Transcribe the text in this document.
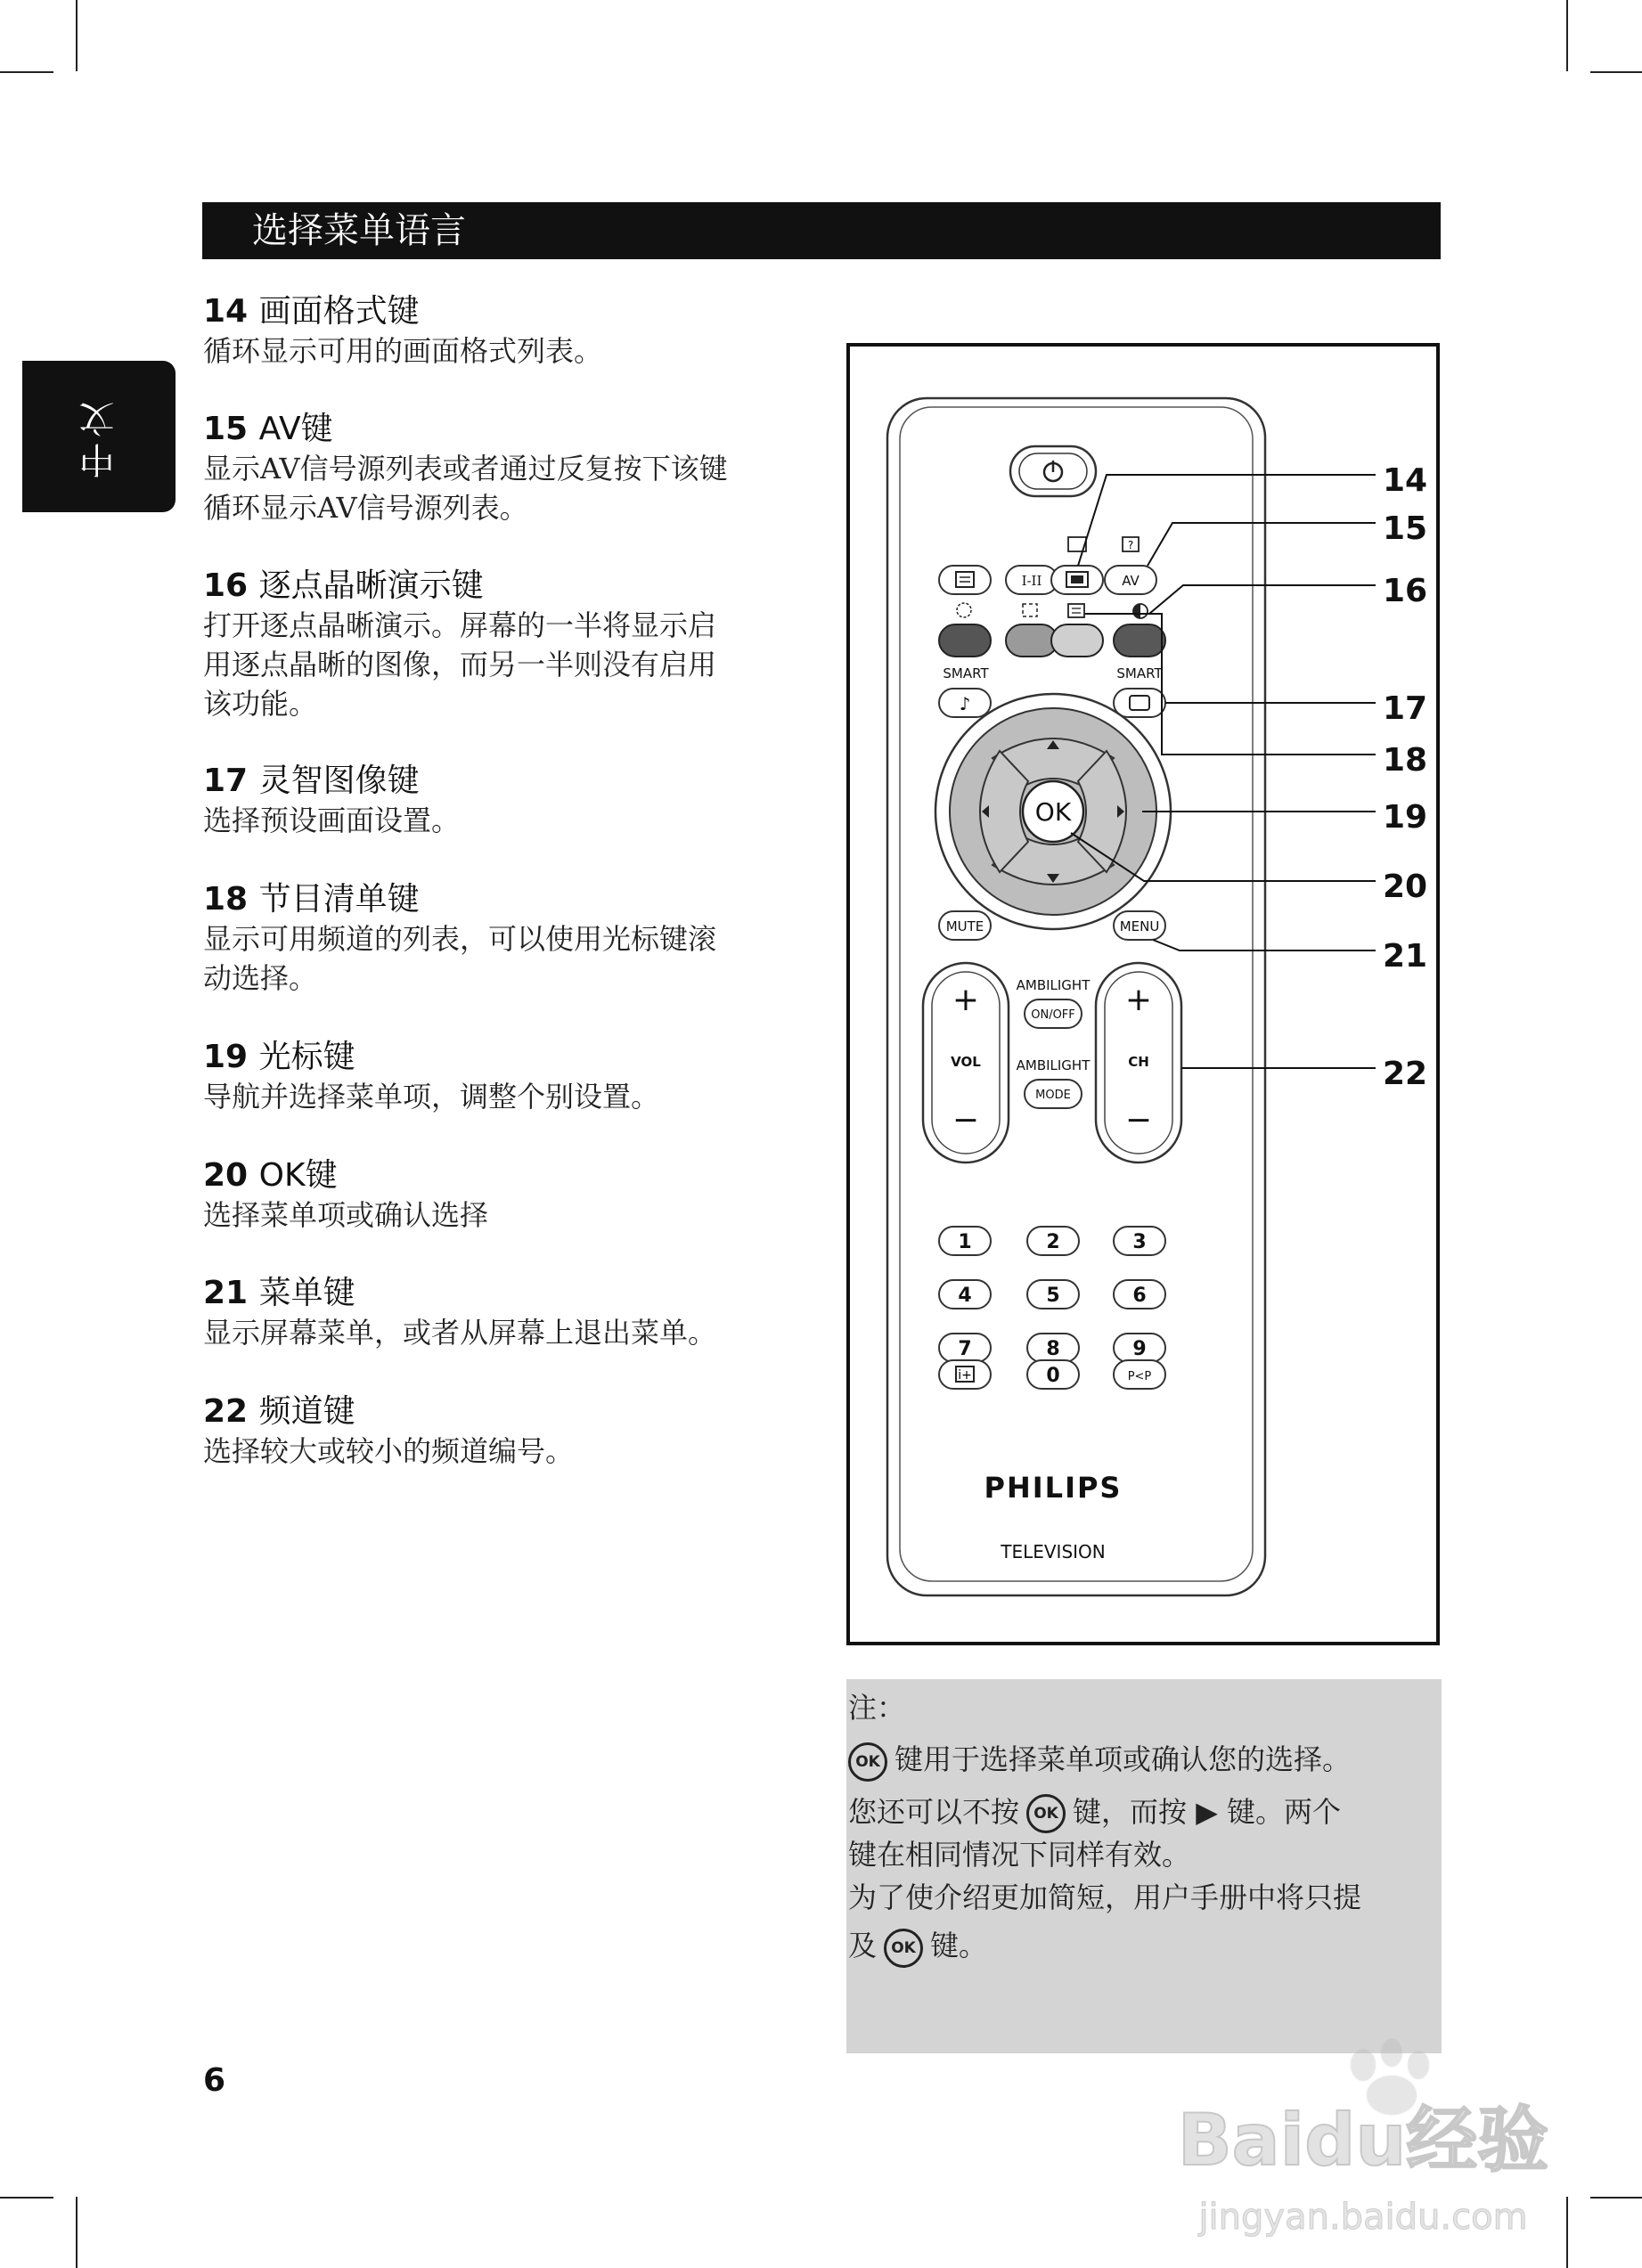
选择菜单语言
中文
14 画面格式键
循环显示可用的画面格式列表。
15 AV键
显示AV信号源列表或者通过反复按下该键
循环显示AV信号源列表。
16 逐点晶晰演示键
打开逐点晶晰演示。屏幕的一半将显示启
用逐点晶晰的图像，而另一半则没有启用
该功能。
17 灵智图像键
选择预设画面设置。
18 节目清单键
显示可用频道的列表，可以使用光标键滚
动选择。
19 光标键
导航并选择菜单项，调整个别设置。
20 OK键
选择菜单项或确认选择
21 菜单键
显示屏幕菜单，或者从屏幕上退出菜单。
22 频道键
选择较大或较小的频道编号。
I-II
?
AV
SMART
♪
SMART
OK
MUTE	MENU
+
VOL
−
+
CH
−
AMBILIGHT
ON/OFF
AMBILIGHT
MODE
1	2	3
4	5	6
7	8	9
i+	0	P<P
PHILIPS
TELEVISION
14
15
16
17
18
19
20
21
22
注：
OK 键用于选择菜单项或确认您的选择。
您还可以不按 OK 键，而按 ▶ 键。两个
键在相同情况下同样有效。
为了使介绍更加简短，用户手册中将只提
及 OK 键。
6
Baidu经验
jingyan.baidu.com
